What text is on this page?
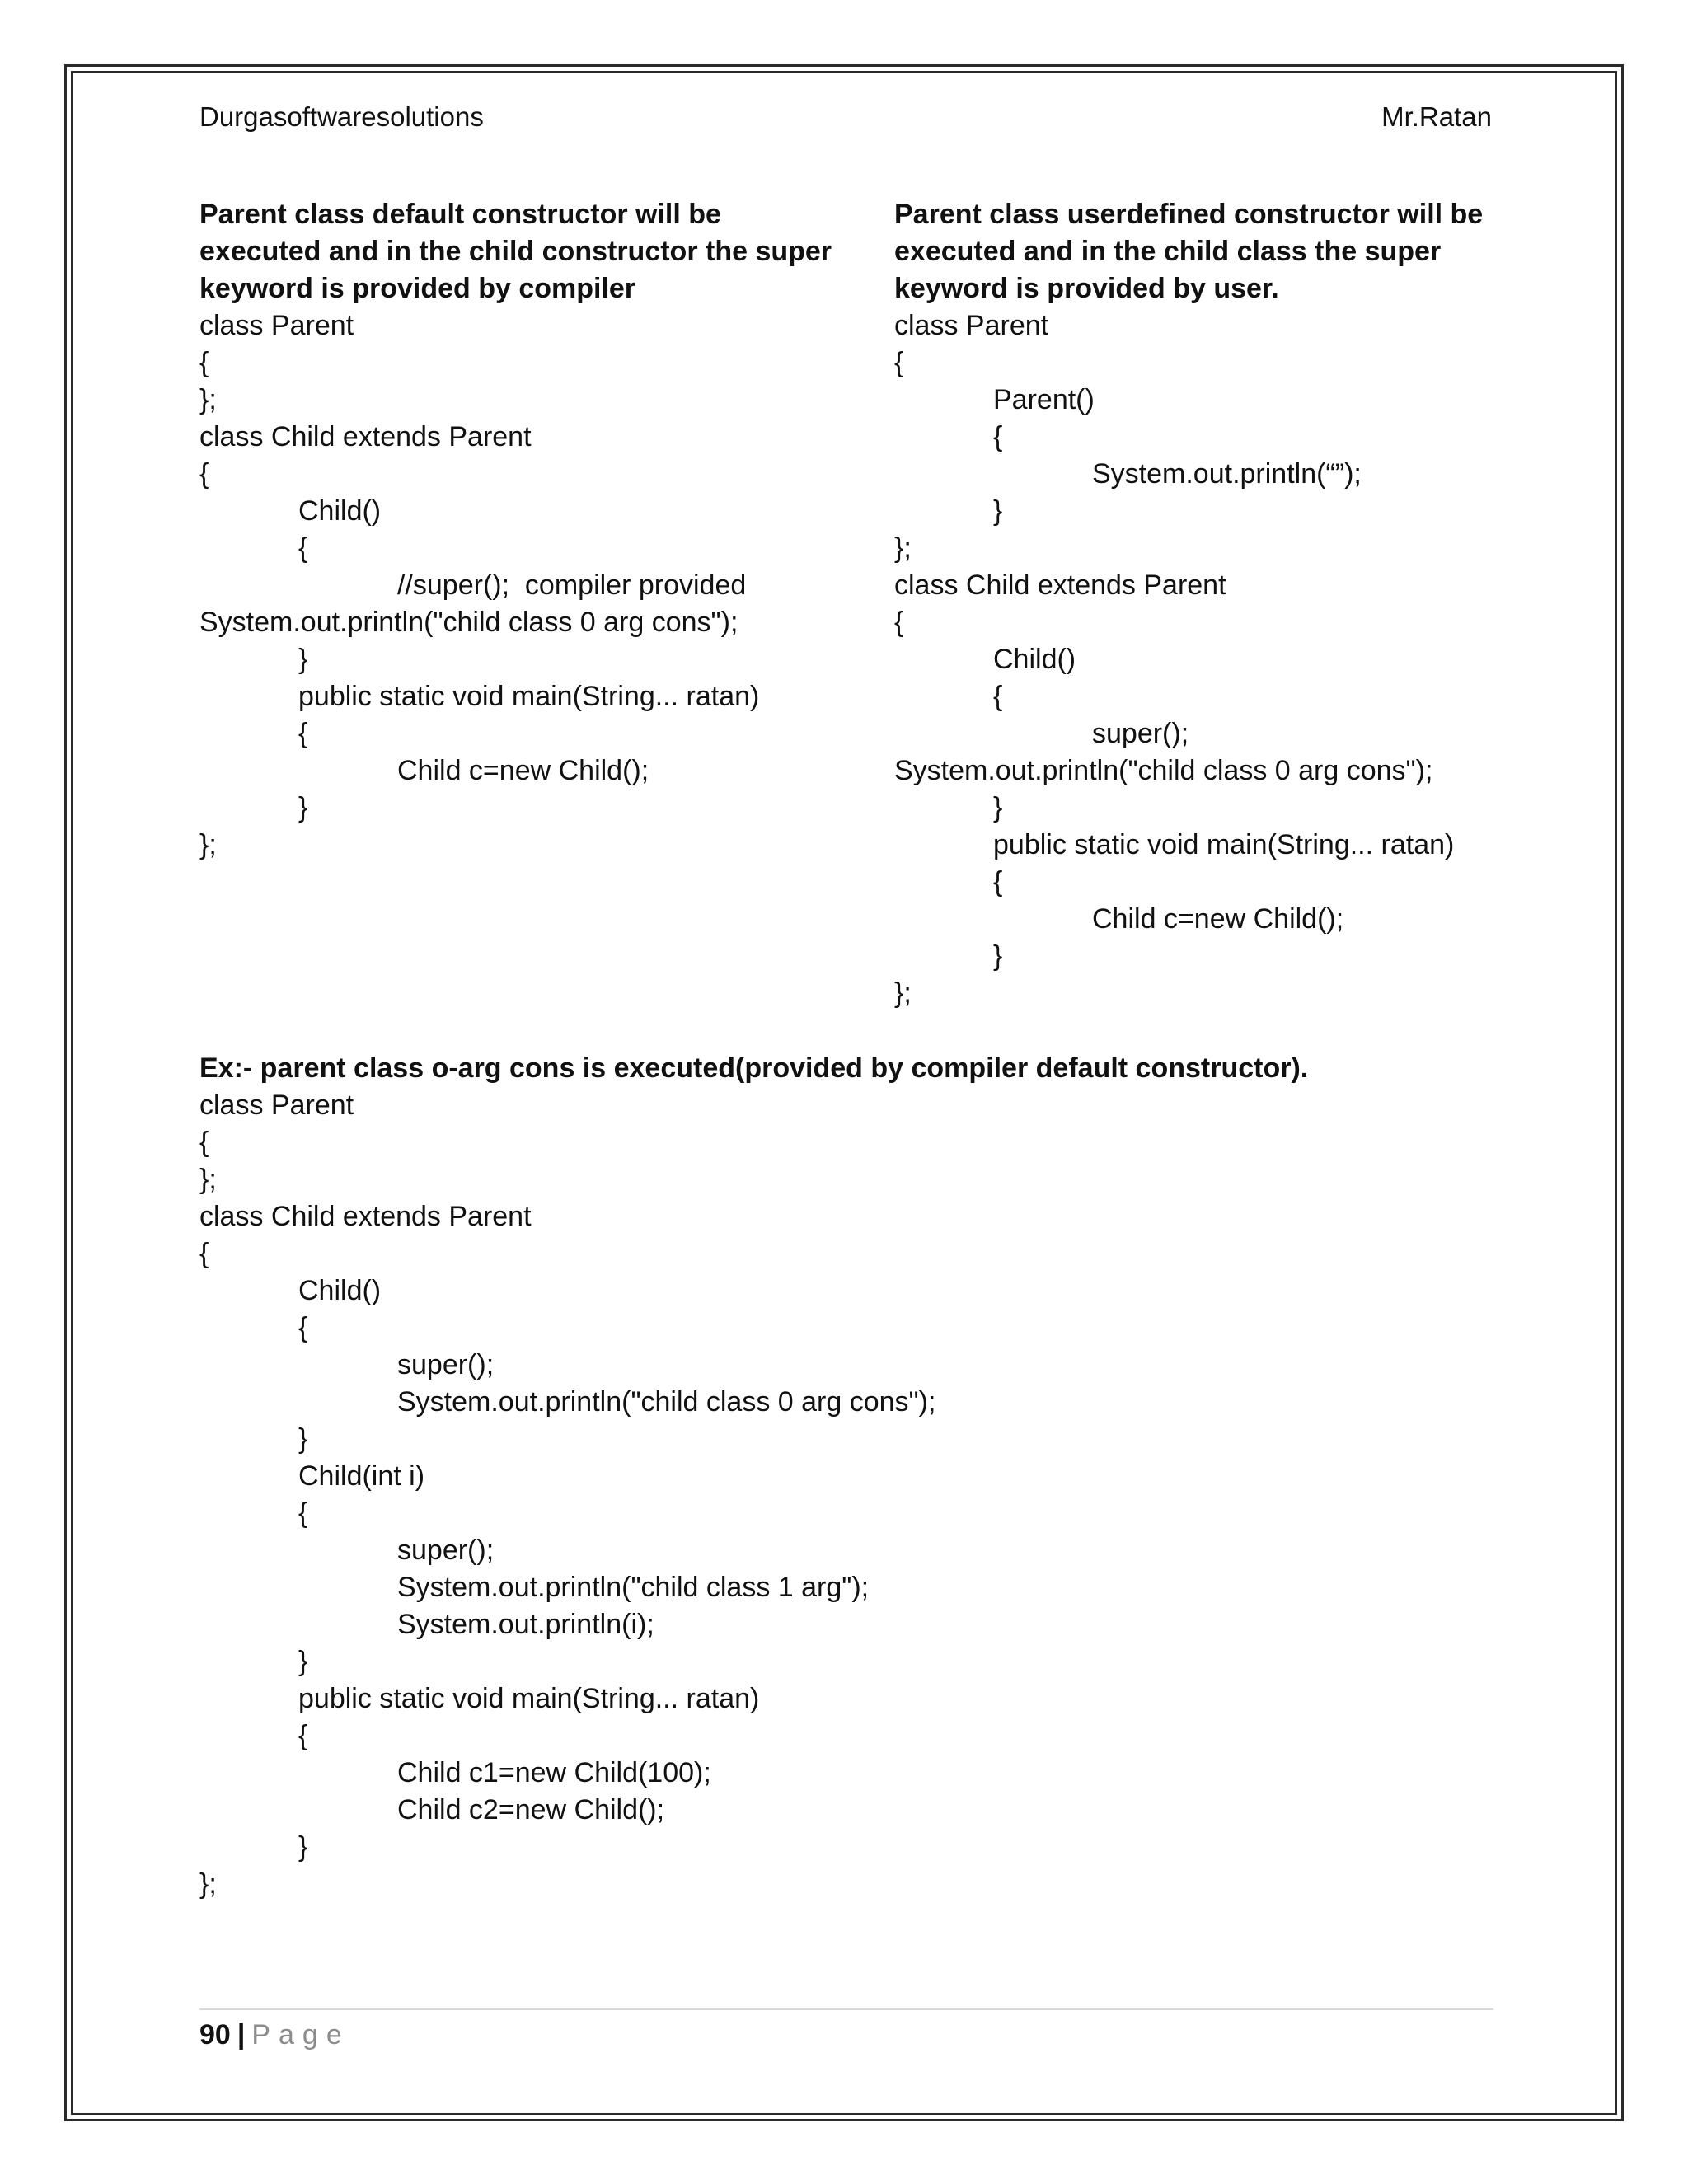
Durgasoftwaresolutions	Mr.Ratan

Parent class default constructor will be
executed and in the child constructor the super
keyword is provided by compiler

class Parent
{
};
class Child extends Parent
{
Child()
{
//super();  compiler provided
System.out.println("child class 0 arg cons");
}
public static void main(String... ratan)
{
Child c=new Child();
}
};

Parent class userdefined constructor will be
executed and in the child class the super
keyword is provided by user.

class Parent
{
Parent()
{
System.out.println(“”);
}
};
class Child extends Parent
{
Child()
{
super();
System.out.println("child class 0 arg cons");
}
public static void main(String... ratan)
{
Child c=new Child();
}
};

Ex:- parent class o-arg cons is executed(provided by compiler default constructor).

class Parent
{
};
class Child extends Parent
{
Child()
{
super();
System.out.println("child class 0 arg cons");
}
Child(int i)
{
super();
System.out.println("child class 1 arg");
System.out.println(i);
}
public static void main(String... ratan)
{
Child c1=new Child(100);
Child c2=new Child();
}
};
90 | Page
